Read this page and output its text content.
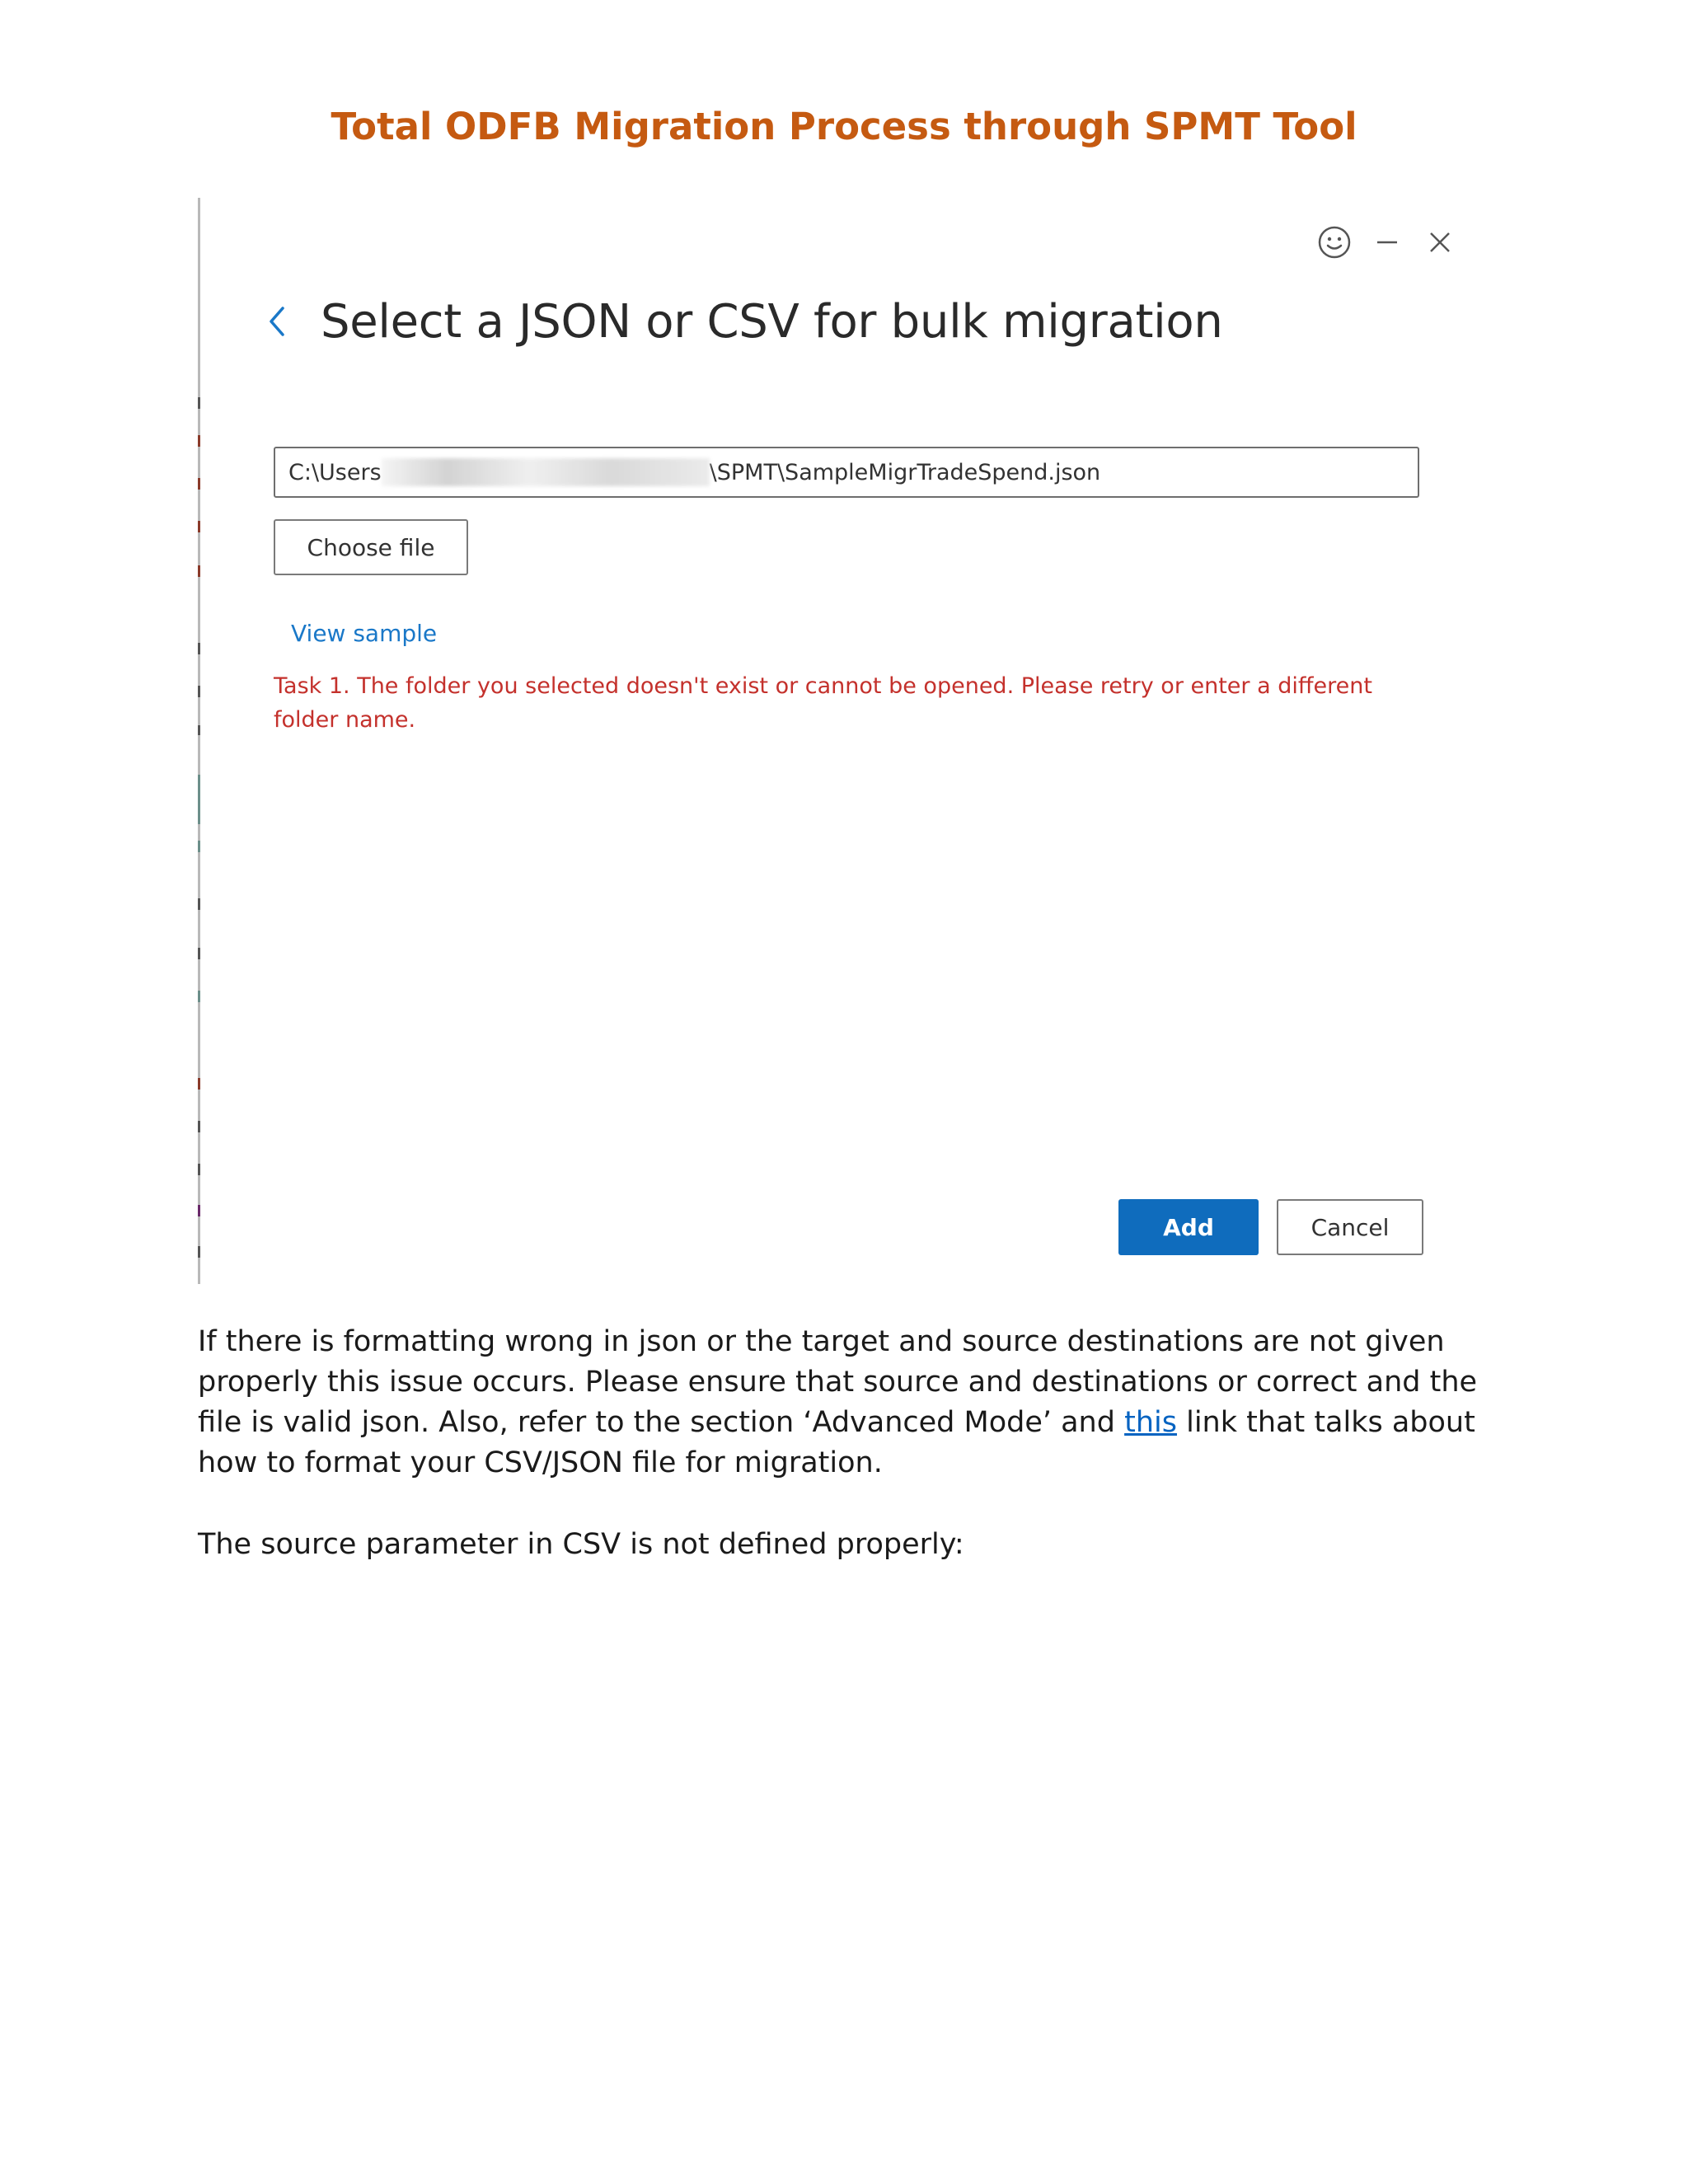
Total ODFB Migration Process through SPMT Tool
Select a JSON or CSV for bulk migration
C:\Users	\SPMT\SampleMigrTradeSpend.json
Choose file
View sample

Task 1. The folder you selected doesn't exist or cannot be opened. Please retry or enter a different folder name.

Add	Cancel

If there is formatting wrong in json or the target and source destinations are not given properly this issue occurs. Please ensure that source and destinations or correct and the file is valid json. Also, refer to the section ‘Advanced Mode’ and this link that talks about how to format your CSV/JSON file for migration.

The source parameter in CSV is not defined properly:
